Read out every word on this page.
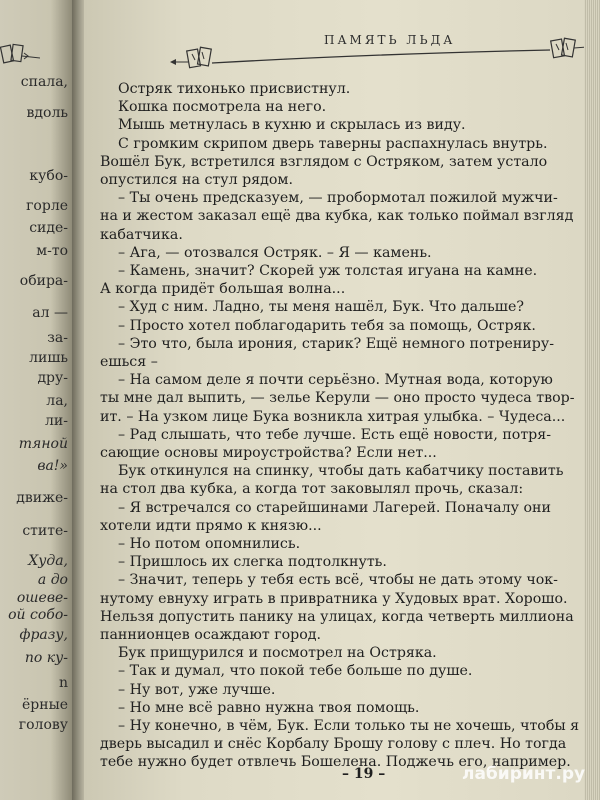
спала,
вдоль
кубо-
горле
сиде-
м-то
обира-
ал —
за-
лишь
дру-
ла,
ли-
тяной
ва!»
движе-
стите-
Худа,
а до
ошевe-
ой собо-
фразу,
по ку-
n
ёрные
голову
ПАМЯТЬ ЛЬДА
Остряк тихонько присвистнул.
Кошка посмотрела на него.
Мышь метнулась в кухню и скрылась из виду.
С громким скрипом дверь таверны распахнулась внутрь.
Вошёл Бук, встретился взглядом с Остряком, затем устало
опустился на стул рядом.
– Ты очень предсказуем, — пробормотал пожилой мужчи-
на и жестом заказал ещё два кубка, как только поймал взгляд
кабатчика.
– Ага, — отозвался Остряк. – Я — камень.
– Камень, значит? Скорей уж толстая игуана на камне.
А когда придёт большая волна...
– Худ с ним. Ладно, ты меня нашёл, Бук. Что дальше?
– Просто хотел поблагодарить тебя за помощь, Остряк.
– Это что, была ирония, старик? Ещё немного потрениру-
ешься –
– На самом деле я почти серьёзно. Мутная вода, которую
ты мне дал выпить, — зелье Керули — оно просто чудеса твор-
ит. – На узком лице Бука возникла хитрая улыбка. – Чудеса...
– Рад слышать, что тебе лучше. Есть ещё новости, потря-
сающие основы мироустройства? Если нет...
Бук откинулся на спинку, чтобы дать кабатчику поставить
на стол два кубка, а когда тот заковылял прочь, сказал:
– Я встречался со старейшинами Лагерей. Поначалу они
хотели идти прямо к князю...
– Но потом опомнились.
– Пришлось их слегка подтолкнуть.
– Значит, теперь у тебя есть всё, чтобы не дать этому чок-
нутому евнуху играть в привратника у Худовых врат. Хорошо.
Нельзя допустить панику на улицах, когда четверть миллиона
паннионцев осаждают город.
Бук прищурился и посмотрел на Остряка.
– Так и думал, что покой тебе больше по душе.
– Ну вот, уже лучше.
– Но мне всё равно нужна твоя помощь.
– Ну конечно, в чём, Бук. Если только ты не хочешь, чтобы я
дверь высадил и снёс Корбалу Брошу голову с плеч. Но тогда
тебе нужно будет отвлечь Бошелена. Поджечь его, например.
– 19 –	лабиринт.ру
